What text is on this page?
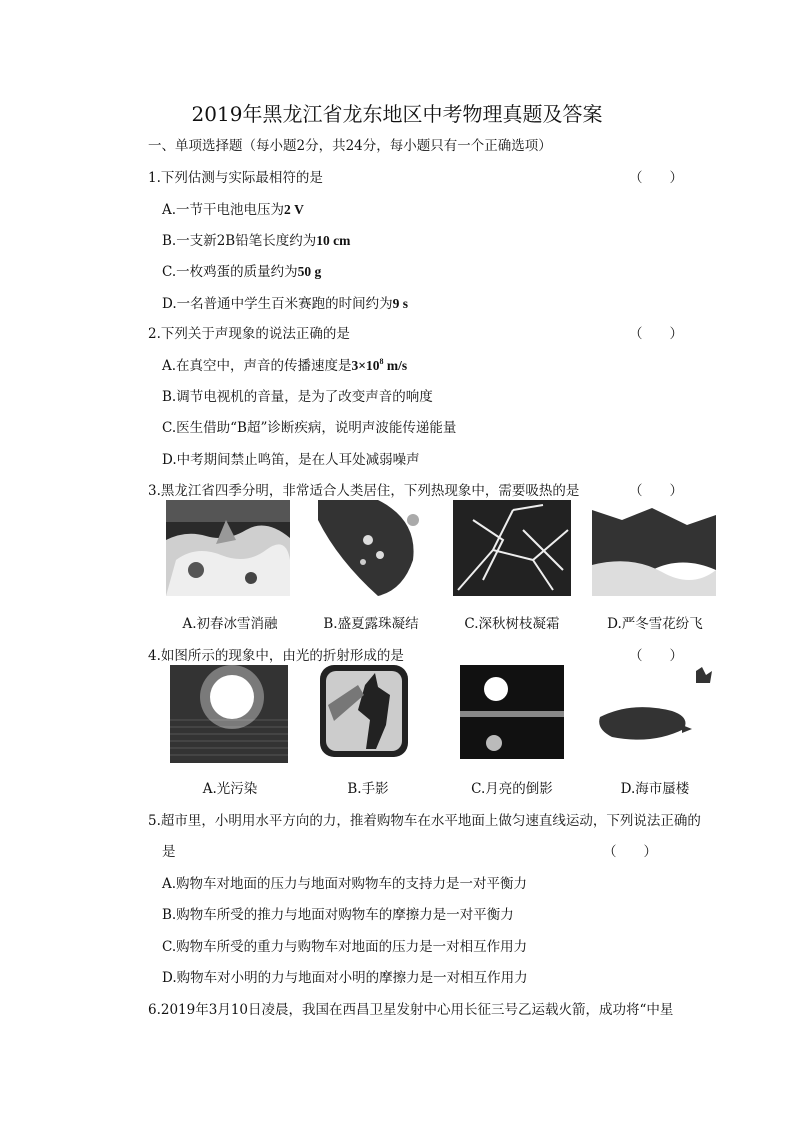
2019年黑龙江省龙东地区中考物理真题及答案
一、单项选择题（每小题2分，共24分，每小题只有一个正确选项）
1.下列估测与实际最相符的是	（　　）
A.一节干电池电压为2 V
B.一支新2B铅笔长度约为10 cm
C.一枚鸡蛋的质量约为50 g
D.一名普通中学生百米赛跑的时间约为9 s
2.下列关于声现象的说法正确的是	（　　）
A.在真空中，声音的传播速度是$3\times 10^8$ m/s
B.调节电视机的音量，是为了改变声音的响度
C.医生借助“B超”诊断疾病，说明声波能传递能量
D.中考期间禁止鸣笛，是在人耳处减弱噪声
3.黑龙江省四季分明，非常适合人类居住，下列热现象中，需要吸热的是	（　　）
A.初春冰雪消融	B.盛夏露珠凝结	C.深秋树枝凝霜	D.严冬雪花纷飞
4.如图所示的现象中，由光的折射形成的是	（　　）
A.光污染	B.手影	C.月亮的倒影	D.海市蜃楼
5.超市里，小明用水平方向的力，推着购物车在水平地面上做匀速直线运动，下列说法正确的
是	（　　）
A.购物车对地面的压力与地面对购物车的支持力是一对平衡力
B.购物车所受的推力与地面对购物车的摩擦力是一对平衡力
C.购物车所受的重力与购物车对地面的压力是一对相互作用力
D.购物车对小明的力与地面对小明的摩擦力是一对相互作用力
6.2019年3月10日凌晨，我国在西昌卫星发射中心用长征三号乙运载火箭，成功将“中星
